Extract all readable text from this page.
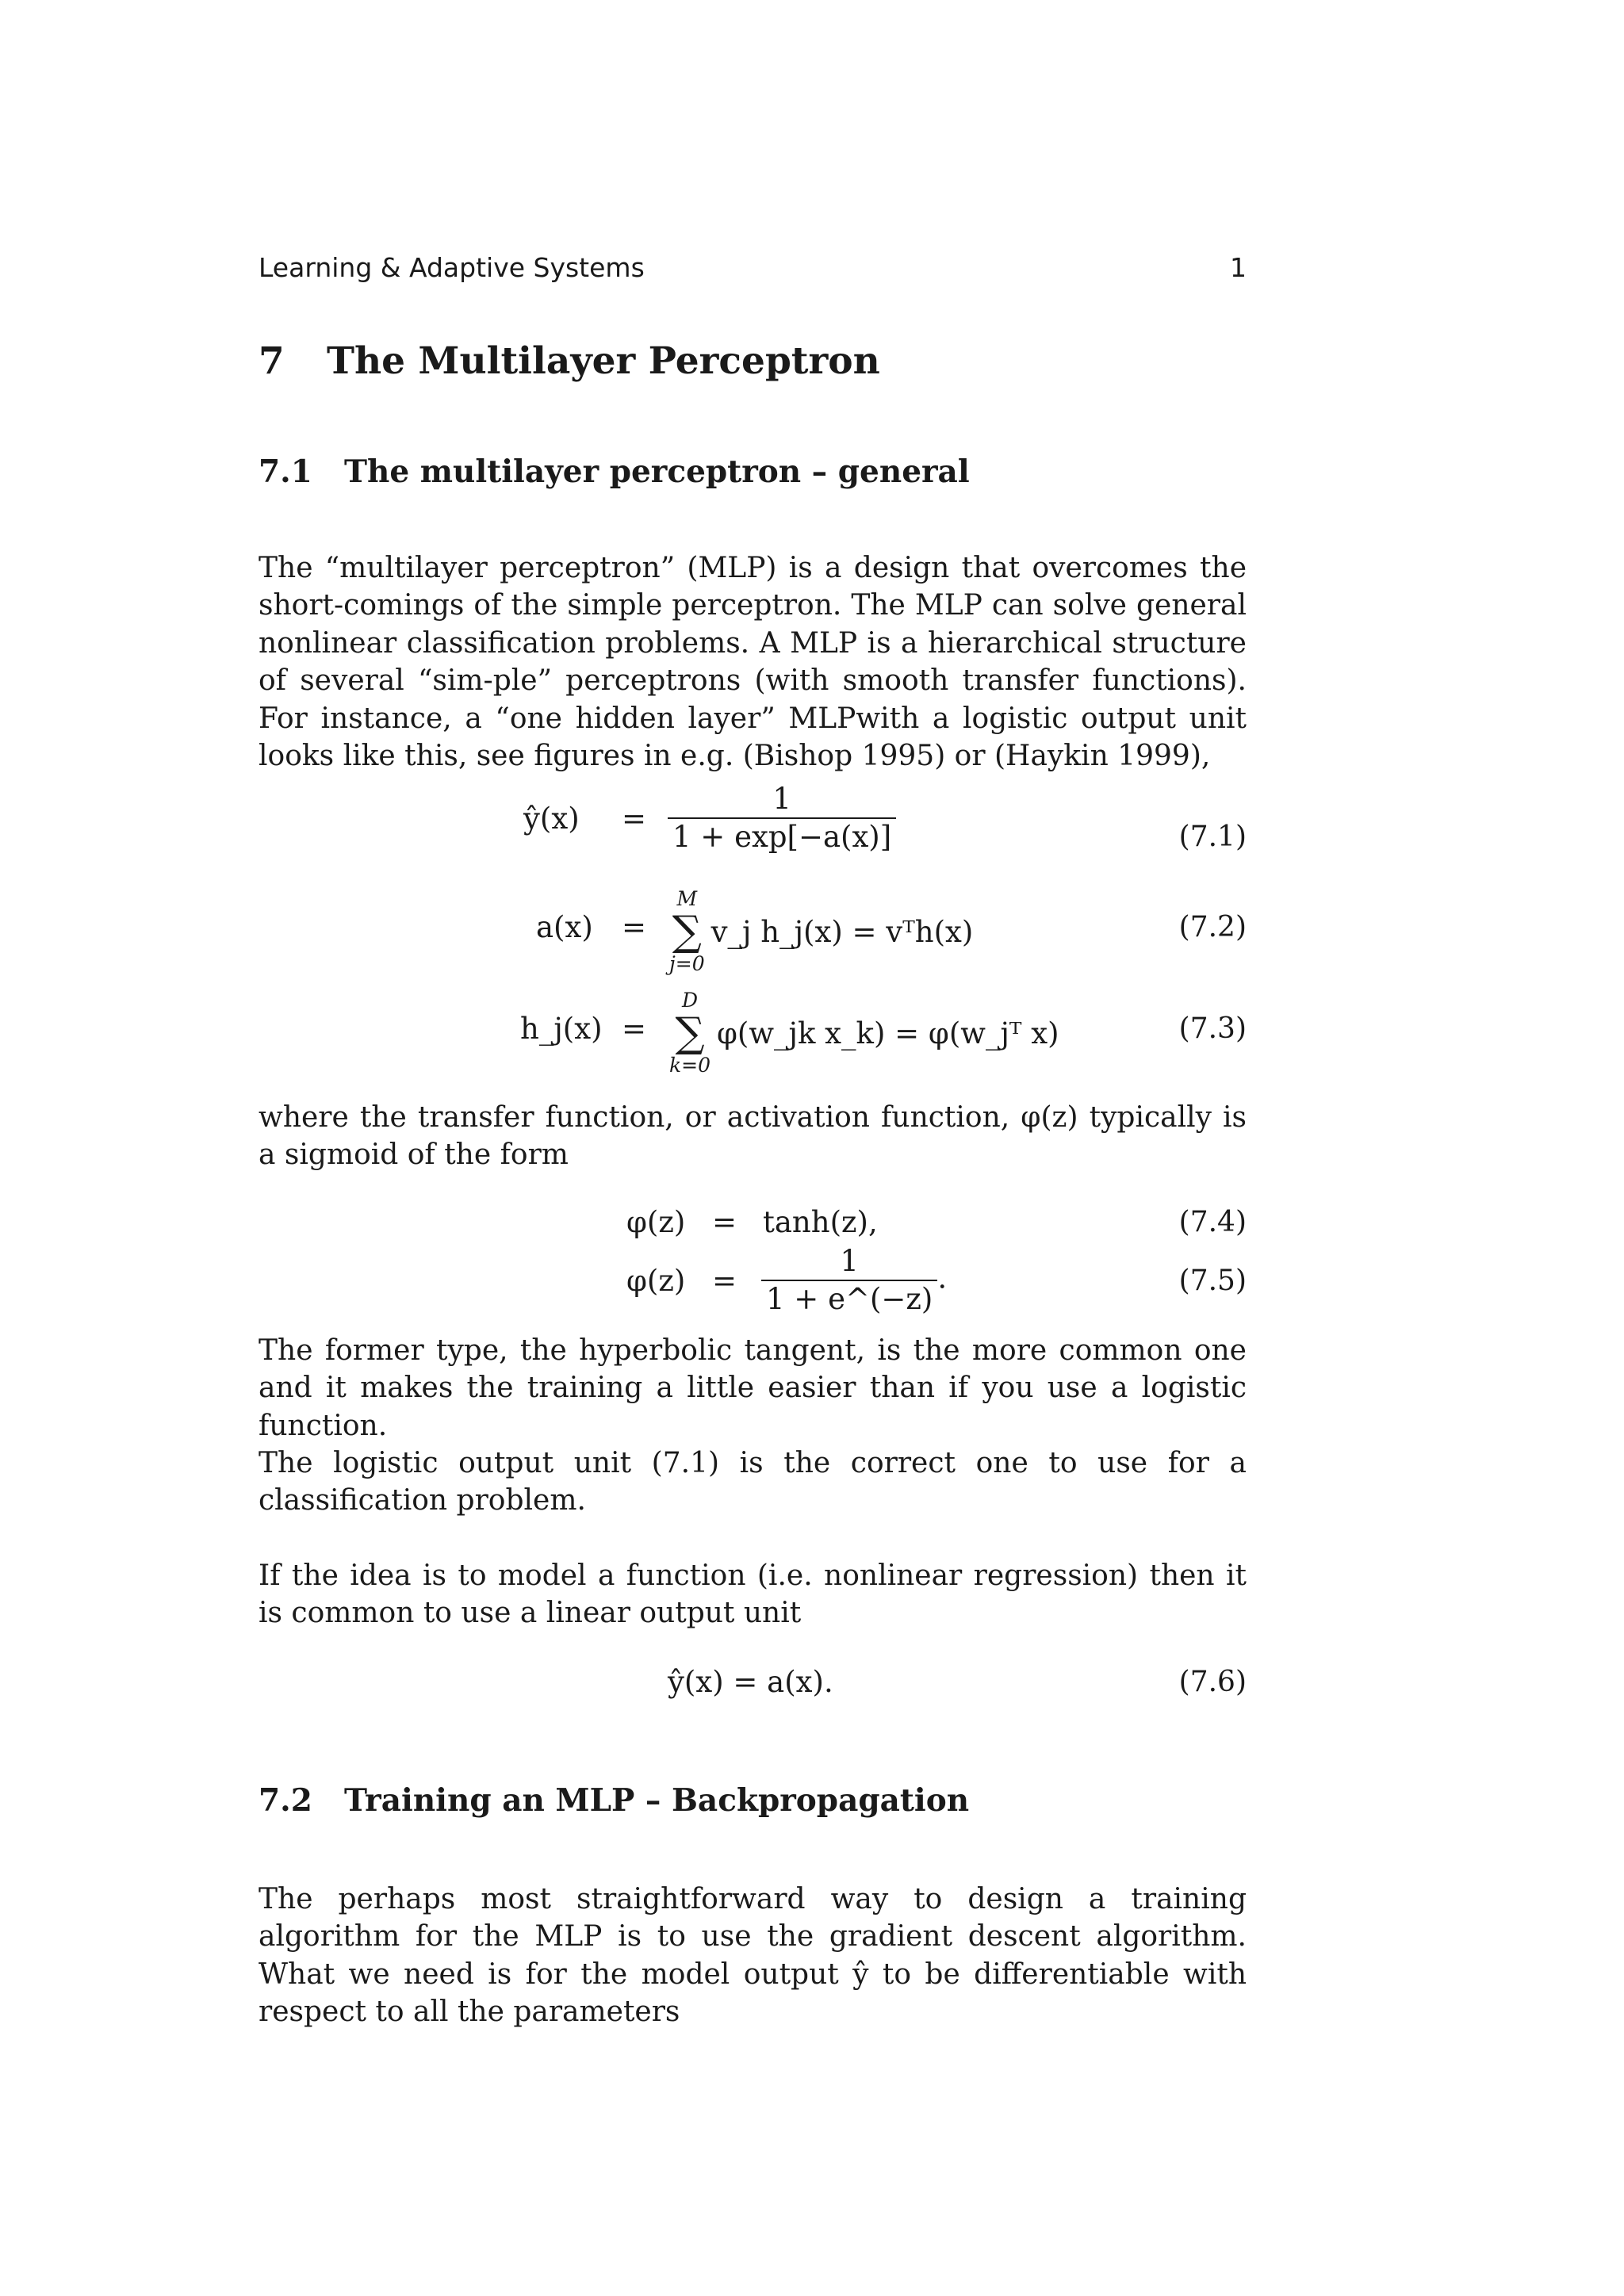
Learning & Adaptive Systems	1
7 The Multilayer Perceptron
7.1 The multilayer perceptron – general

The “multilayer perceptron” (MLP) is a design that overcomes the short-comings of the simple perceptron. The MLP can solve general nonlinear classification problems. A MLP is a hierarchical structure of several “sim-ple” perceptrons (with smooth transfer functions). For instance, a “one hidden layer” MLPwith a logistic output unit looks like this, see figures in e.g. (Bishop 1995) or (Haykin 1999),

ŷ(x) = $\frac{1}{1 + \exp[-a(x)]}$	(7.1)
a(x) =
M
∑
j=0
v_j h_j(x) = vᵀh(x)	(7.2)
h_j(x) =
D
∑
k=0
φ(w_jk x_k) = φ(w_jᵀ x)	(7.3)

where the transfer function, or activation function, φ(z) typically is a sigmoid of the form

φ(z) = tanh(z),	(7.4)
$\varphi(z) = \frac{1}{1 + e\^{}(-z)}$ .	(7.5)

The former type, the hyperbolic tangent, is the more common one and it makes the training a little easier than if you use a logistic function.

The logistic output unit (7.1) is the correct one to use for a classification problem.

If the idea is to model a function (i.e. nonlinear regression) then it is common to use a linear output unit

ŷ(x) = a(x).	(7.6)
7.2 Training an MLP – Backpropagation

The perhaps most straightforward way to design a training algorithm for the MLP is to use the gradient descent algorithm. What we need is for the model output ŷ to be differentiable with respect to all the parameters
